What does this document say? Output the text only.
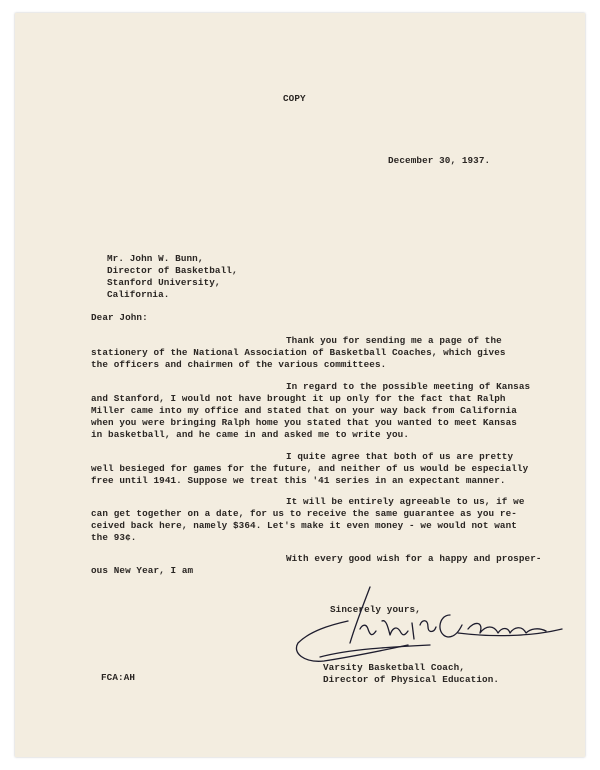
COPY
December 30, 1937.
Mr. John W. Bunn,
Director of Basketball,
Stanford University,
California.
Dear John:
Thank you for sending me a page of the
stationery of the National Association of Basketball Coaches, which gives
the officers and chairmen of the various committees.
In regard to the possible meeting of Kansas
and Stanford, I would not have brought it up only for the fact that Ralph
Miller came into my office and stated that on your way back from California
when you were bringing Ralph home you stated that you wanted to meet Kansas
in basketball, and he came in and asked me to write you.
I quite agree that both of us are pretty
well besieged for games for the future, and neither of us would be especially
free until 1941. Suppose we treat this '41 series in an expectant manner.
It will be entirely agreeable to us, if we
can get together on a date, for us to receive the same guarantee as you re-
ceived back here, namely $364. Let's make it even money - we would not want
the 93¢.
With every good wish for a happy and prosper-
ous New Year, I am
Sincerely yours,
Varsity Basketball Coach,
Director of Physical Education.
FCA:AH
